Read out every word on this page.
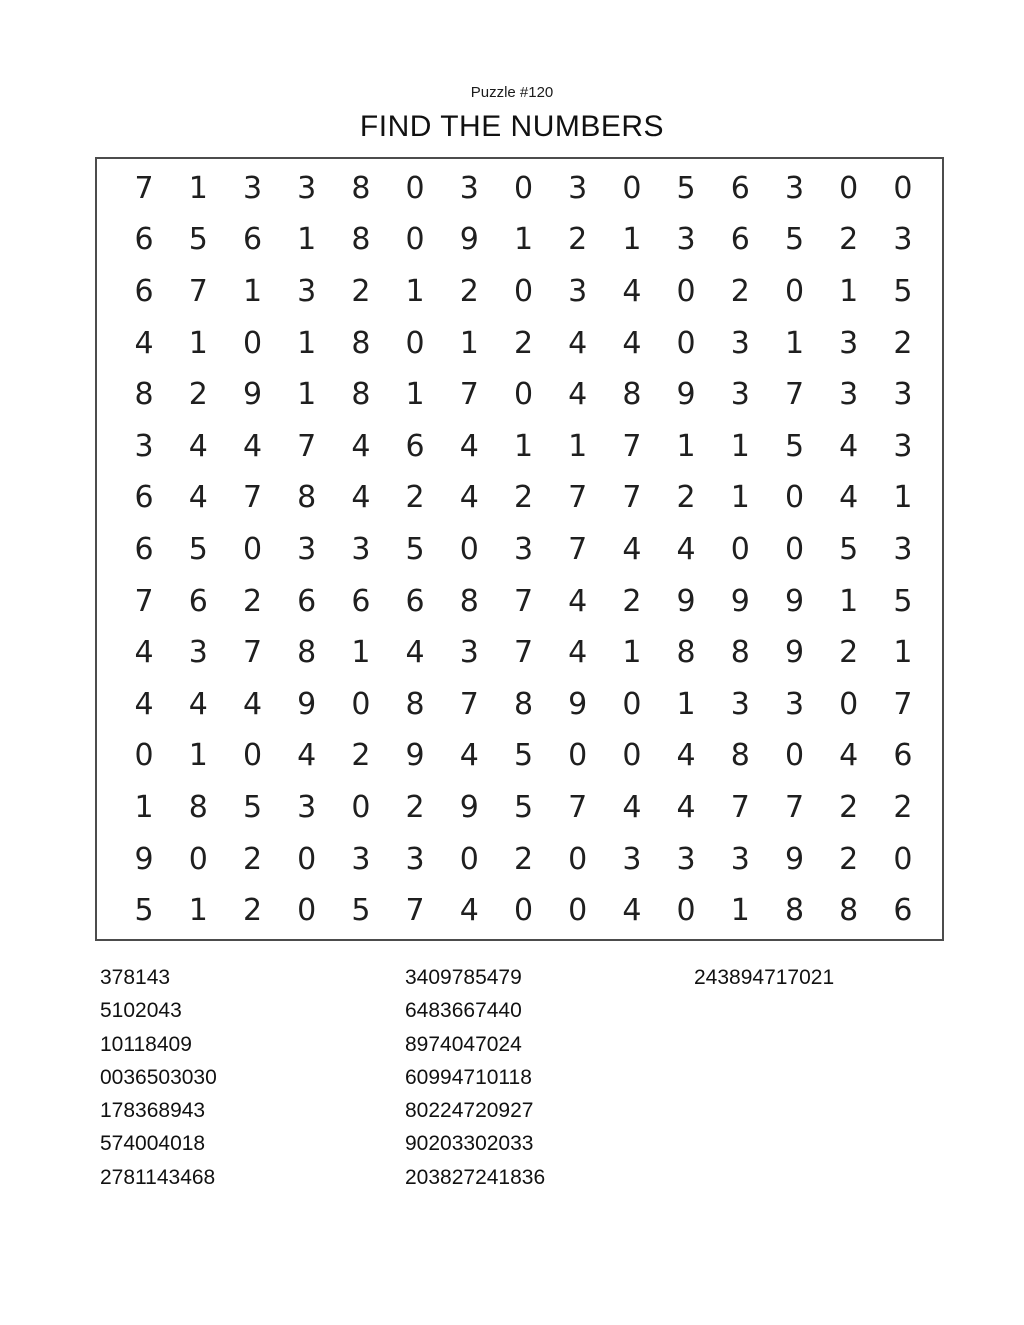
Puzzle #120
FIND THE NUMBERS
7	1	3	3	8	0	3	0	3	0	5	6	3	0	0
6	5	6	1	8	0	9	1	2	1	3	6	5	2	3
6	7	1	3	2	1	2	0	3	4	0	2	0	1	5
4	1	0	1	8	0	1	2	4	4	0	3	1	3	2
8	2	9	1	8	1	7	0	4	8	9	3	7	3	3
3	4	4	7	4	6	4	1	1	7	1	1	5	4	3
6	4	7	8	4	2	4	2	7	7	2	1	0	4	1
6	5	0	3	3	5	0	3	7	4	4	0	0	5	3
7	6	2	6	6	6	8	7	4	2	9	9	9	1	5
4	3	7	8	1	4	3	7	4	1	8	8	9	2	1
4	4	4	9	0	8	7	8	9	0	1	3	3	0	7
0	1	0	4	2	9	4	5	0	0	4	8	0	4	6
1	8	5	3	0	2	9	5	7	4	4	7	7	2	2
9	0	2	0	3	3	0	2	0	3	3	3	9	2	0
5	1	2	0	5	7	4	0	0	4	0	1	8	8	6
378143
5102043
10118409
0036503030
178368943
574004018
2781143468
3409785479
6483667440
8974047024
60994710118
80224720927
90203302033
203827241836
243894717021
